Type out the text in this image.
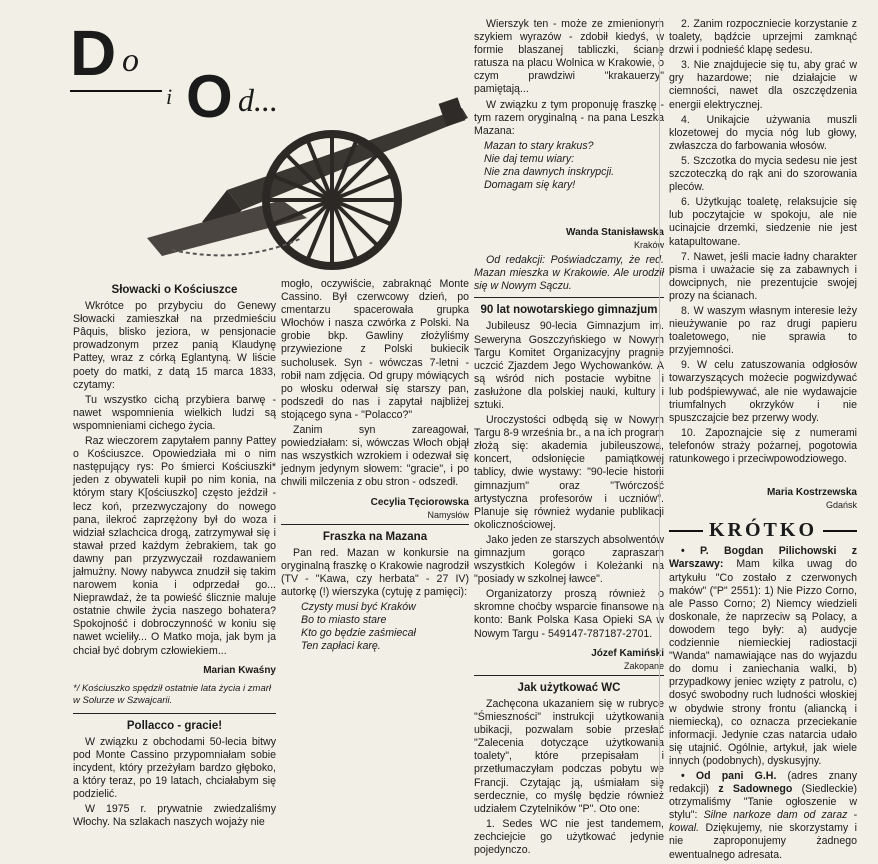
D o
i O d...
Słowacki o Kościuszce

Wkrótce po przybyciu do Genewy Słowacki zamieszkał na przedmieściu Pâquis, blisko jeziora, w pensjonacie prowadzonym przez panią Klaudynę Pattey, wraz z córką Eglantyną. W liście poety do matki, z datą 15 marca 1833, czytamy:

Tu wszystko cichą przybiera barwę - nawet wspomnienia wielkich ludzi są wspomnieniami cichego życia.

Raz wieczorem zapytałem panny Pattey o Kościuszce. Opowiedziała mi o nim następujący rys: Po śmierci Kościuszki* jeden z obywateli kupił po nim konia, na którym stary K[ościuszko] często jeździł - lecz koń, przezwyczajony do nowego pana, ilekroć zaprzężony był do woza i widział szlachcica drogą, zatrzymywał się i stawał przed każdym żebrakiem, tak go dawny pan przyzwyczaił rozdawaniem jałmużny. Nowy nabywca znudził się takim narowem konia i odprzedał go... Nieprawdaż, że ta powieść ślicznie maluje ostatnie chwile życia naszego bohatera? Spokojność i dobroczynność w koniu się nawet wcieliły... O Matko moja, jak bym ja chciał być dobrym człowiekiem...

Marian Kwaśny
*/ Kościuszko spędził ostatnie lata życia i zmarł w Solurze w Szwajcarii.
Pollacco - gracie!

W związku z obchodami 50-lecia bitwy pod Monte Cassino przypomniałam sobie incydent, który przeżyłam bardzo głęboko, a który teraz, po 19 latach, chciałabym się podzielić.

W 1975 r. prywatnie zwiedzaliśmy Włochy. Na szlakach naszych wojaży nie

mogło, oczywiście, zabraknąć Monte Cassino. Był czerwcowy dzień, po cmentarzu spacerowała grupka Włochów i nasza czwórka z Polski. Na grobie bkp. Gawliny złożyliśmy przywiezione z Polski bukiecik sucholusek. Syn - wówczas 7-letni - robił nam zdjęcia. Od grupy mówiących po włosku oderwał się starszy pan, podszedł do nas i zapytał najbliżej stojącego syna - "Polacco?"

Zanim syn zareagował, powiedziałam: si, wówczas Włoch objął nas wszystkich wzrokiem i odezwał się jednym jedynym słowem: "gracie", i po chwili milczenia z obu stron - odszedł.

Cecylia Tęciorowska
Namysłów
Fraszka na Mazana

Pan red. Mazan w konkursie na oryginalną fraszkę o Krakowie nagrodził (TV - "Kawa, czy herbata" - 27 IV) autorkę (!) wierszyka (cytuję z pamięci):

Czysty musi być Kraków
Bo to miasto stare
Kto go będzie zaśmiecał
Ten zapłaci karę.

Wierszyk ten - może ze zmienionym szykiem wyrazów - zdobił kiedyś, w formie blaszanej tabliczki, ścianę ratusza na placu Wolnica w Krakowie, o czym prawdziwi "krakauerzy" pamiętają...

W związku z tym proponuję fraszkę - tym razem oryginalną - na pana Leszka Mazana:

Mazan to stary krakus?
Nie daj temu wiary:
Nie zna dawnych inskrypcji.
Domagam się kary!
Wanda Stanisławska
Kraków

Od redakcji: Poświadczamy, że red. Mazan mieszka w Krakowie. Ale urodził się w Nowym Sączu.

90 lat nowotarskiego gimnazjum

Jubileusz 90-lecia Gimnazjum im. Seweryna Goszczyńskiego w Nowym Targu Komitet Organizacyjny pragnie uczcić Zjazdem Jego Wychowanków. A są wśród nich postacie wybitne i zasłużone dla polskiej nauki, kultury i sztuki.

Uroczystości odbędą się w Nowym Targu 8-9 września br., a na ich program złożą się: akademia jubileuszowa, koncert, odsłonięcie pamiątkowej tablicy, dwie wystawy: "90-lecie historii gimnazjum" oraz "Twórczość artystyczna profesorów i uczniów". Planuje się również wydanie publikacji okolicznościowej.

Jako jeden ze starszych absolwentów gimnazjum gorąco zapraszam wszystkich Kolegów i Koleżanki na "posiady w szkolnej ławce".

Organizatorzy proszą również o skromne choćby wsparcie finansowe na konto: Bank Polska Kasa Opieki SA w Nowym Targu - 549147-787187-2701.

Józef Kamiński
Zakopane
Jak użytkować WC

Zachęcona ukazaniem się w rubryce "Śmieszności" instrukcji użytkowania ubikacji, pozwalam sobie przesłać "Zalecenia dotyczące użytkowania toalety", które przepisałam i przetłumaczyłam podczas pobytu we Francji. Czytając ją, uśmiałam się serdecznie, co myślę będzie również udziałem Czytelników "P". Oto one:

1. Sedes WC nie jest tandemem, zechciejcie go użytkować jedynie pojedynczo.

2. Zanim rozpoczniecie korzystanie z toalety, bądźcie uprzejmi zamknąć drzwi i podnieść klapę sedesu.

3. Nie znajdujecie się tu, aby grać w gry hazardowe; nie działajcie w ciemności, nawet dla oszczędzenia energii elektrycznej.

4. Unikajcie używania muszli klozetowej do mycia nóg lub głowy, zwłaszcza do farbowania włosów.

5. Szczotka do mycia sedesu nie jest szczoteczką do rąk ani do szorowania pleców.

6. Użytkując toaletę, relaksujcie się lub poczytajcie w spokoju, ale nie ucinajcie drzemki, siedzenie nie jest katapultowane.

7. Nawet, jeśli macie ładny charakter pisma i uważacie się za zabawnych i dowcipnych, nie prezentujcie swojej prozy na ścianach.

8. W waszym własnym interesie leży nieużywanie po raz drugi papieru toaletowego, nie sprawia to przyjemności.

9. W celu zatuszowania odgłosów towarzyszących możecie pogwizdywać lub podśpiewywać, ale nie wydawajcie triumfalnych okrzyków i nie spuszczajcie bez przerwy wody.

10. Zapoznajcie się z numerami telefonów straży pożarnej, pogotowia ratunkowego i przeciwpowodziowego.

Maria Kostrzewska
Gdańsk
KRÓTKO

• P. Bogdan Pilichowski z Warszawy: Mam kilka uwag do artykułu "Co zostało z czerwonych maków" ("P" 2551): 1) Nie Pizzo Corno, ale Passo Corno; 2) Niemcy wiedzieli doskonale, że naprzeciw są Polacy, a dowodem tego były: a) audycje codziennie niemieckiej radiostacji "Wanda" namawiające nas do wyjazdu do domu i zaniechania walki, b) przypadkowy jeniec wzięty z patrolu, c) dosyć swobodny ruch ludności włoskiej w obydwie strony frontu (aliancką i niemiecką), co oznacza przeciekanie informacji. Jedynie czas natarcia udało się utajnić. Ogólnie, artykuł, jak wiele innych (podobnych), dyskusyjny.

• Od pani G.H. (adres znany redakcji) z Sadownego (Siedleckie) otrzymaliśmy "Tanie ogłoszenie w stylu": Silne narkoze dam od zaraz - kowal. Dziękujemy, nie skorzystamy i nie zaproponujemy żadnego ewentualnego adresata.
